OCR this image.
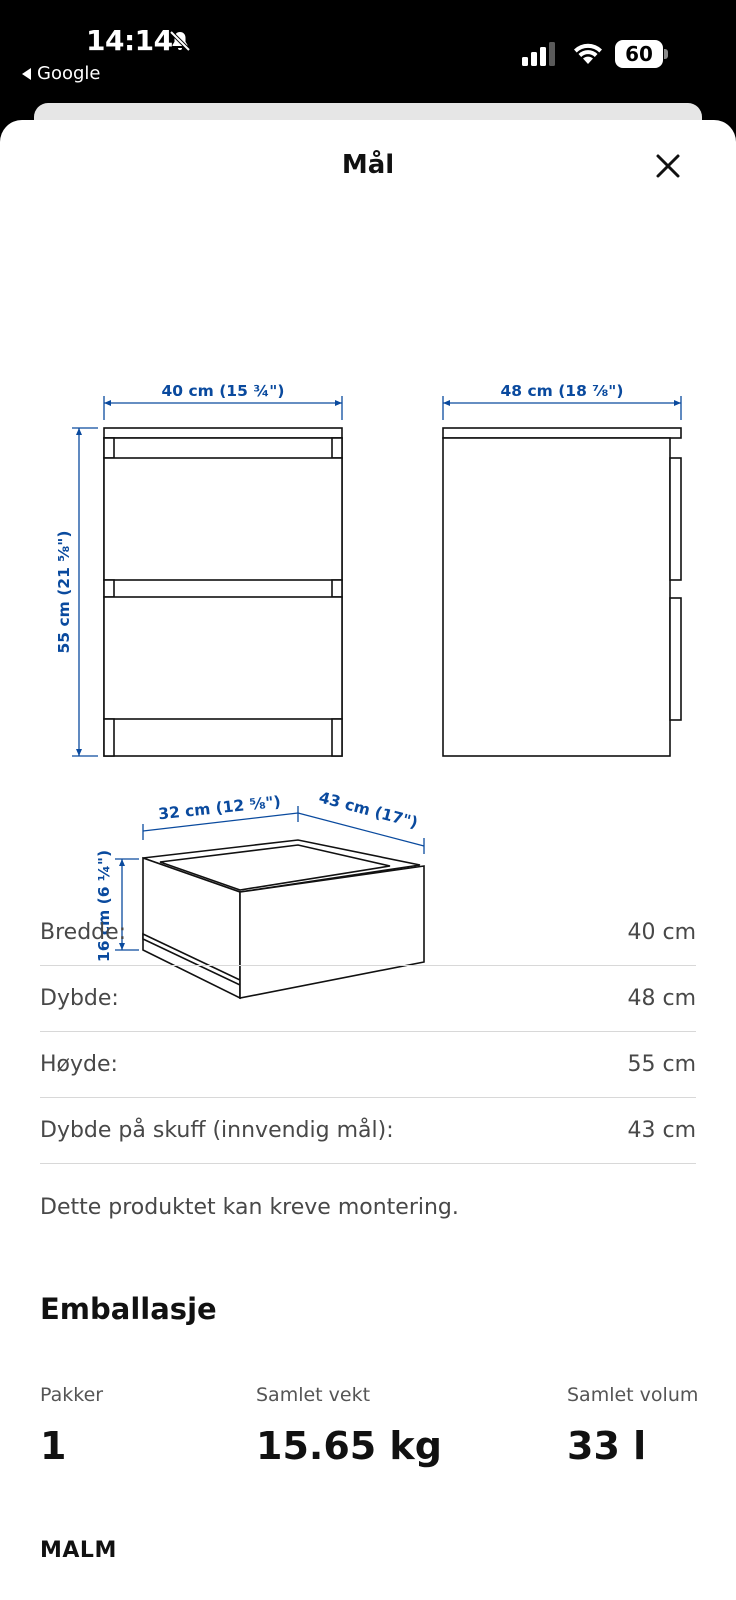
14:14
Google
60
Mål
40 cm (15 ¾")	48 cm (18 ⅞")
55 cm (21 ⅝")
32 cm (12 ⅝") 43 cm (17")
16 cm (6 ¼")
Bredde:	40 cm
Dybde:	48 cm
Høyde:	55 cm
Dybde på skuff (innvendig mål):	43 cm
Dette produktet kan kreve montering.
Emballasje
Pakker
1
Samlet vekt
15.65 kg
Samlet volum
33 l
MALM
